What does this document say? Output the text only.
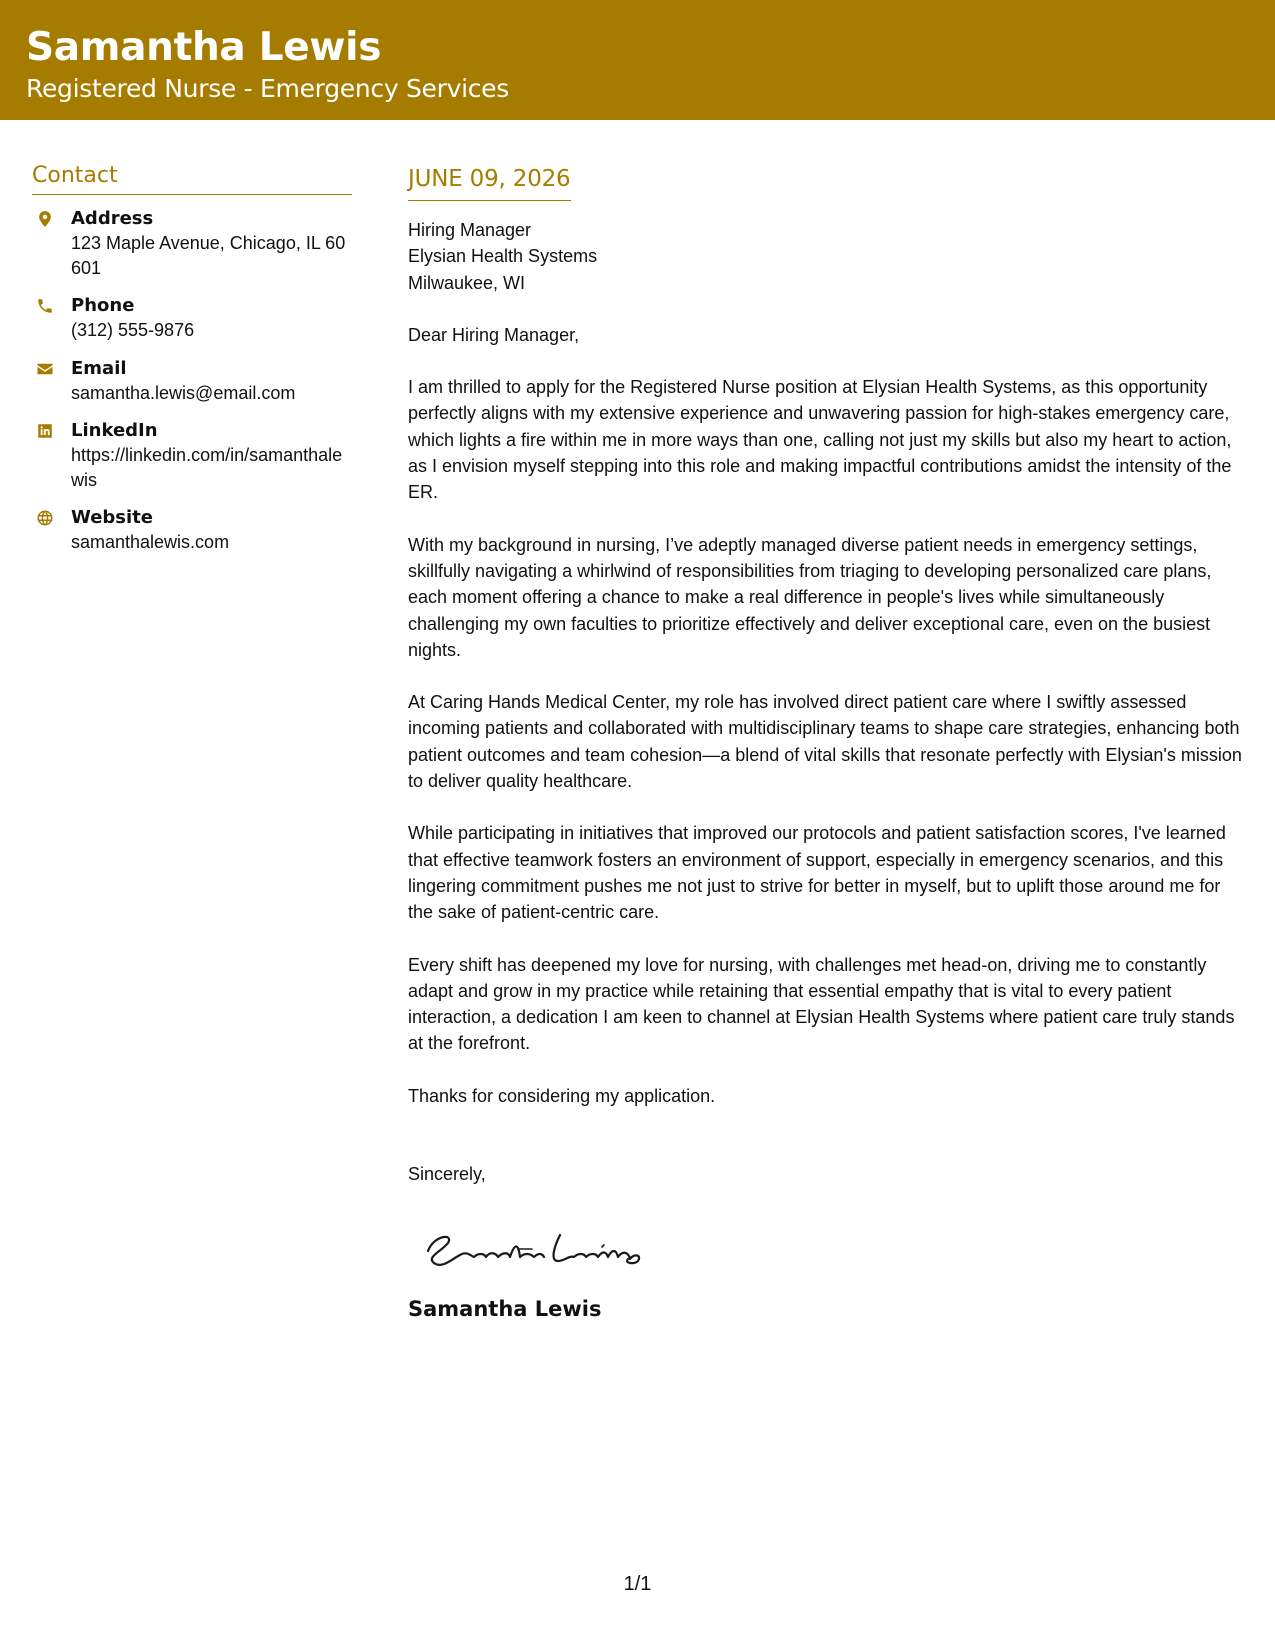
Samantha Lewis
Registered Nurse - Emergency Services
Contact
Address
123 Maple Avenue, Chicago, IL 60601
Phone
(312) 555-9876
Email
samantha.lewis@email.com
LinkedIn
https://linkedin.com/in/samanthalewis
Website
samanthalewis.com
JUNE 09, 2026
Hiring Manager
Elysian Health Systems
Milwaukee, WI
Dear Hiring Manager,
I am thrilled to apply for the Registered Nurse position at Elysian Health Systems, as this opportunity perfectly aligns with my extensive experience and unwavering passion for high-stakes emergency care, which lights a fire within me in more ways than one, calling not just my skills but also my heart to action, as I envision myself stepping into this role and making impactful contributions amidst the intensity of the ER.
With my background in nursing, I’ve adeptly managed diverse patient needs in emergency settings, skillfully navigating a whirlwind of responsibilities from triaging to developing personalized care plans, each moment offering a chance to make a real difference in people's lives while simultaneously challenging my own faculties to prioritize effectively and deliver exceptional care, even on the busiest nights.
At Caring Hands Medical Center, my role has involved direct patient care where I swiftly assessed incoming patients and collaborated with multidisciplinary teams to shape care strategies, enhancing both patient outcomes and team cohesion—a blend of vital skills that resonate perfectly with Elysian's mission to deliver quality healthcare.
While participating in initiatives that improved our protocols and patient satisfaction scores, I've learned that effective teamwork fosters an environment of support, especially in emergency scenarios, and this lingering commitment pushes me not just to strive for better in myself, but to uplift those around me for the sake of patient-centric care.
Every shift has deepened my love for nursing, with challenges met head-on, driving me to constantly adapt and grow in my practice while retaining that essential empathy that is vital to every patient interaction, a dedication I am keen to channel at Elysian Health Systems where patient care truly stands at the forefront.
Thanks for considering my application.
Sincerely,
Samantha Lewis
1/1
